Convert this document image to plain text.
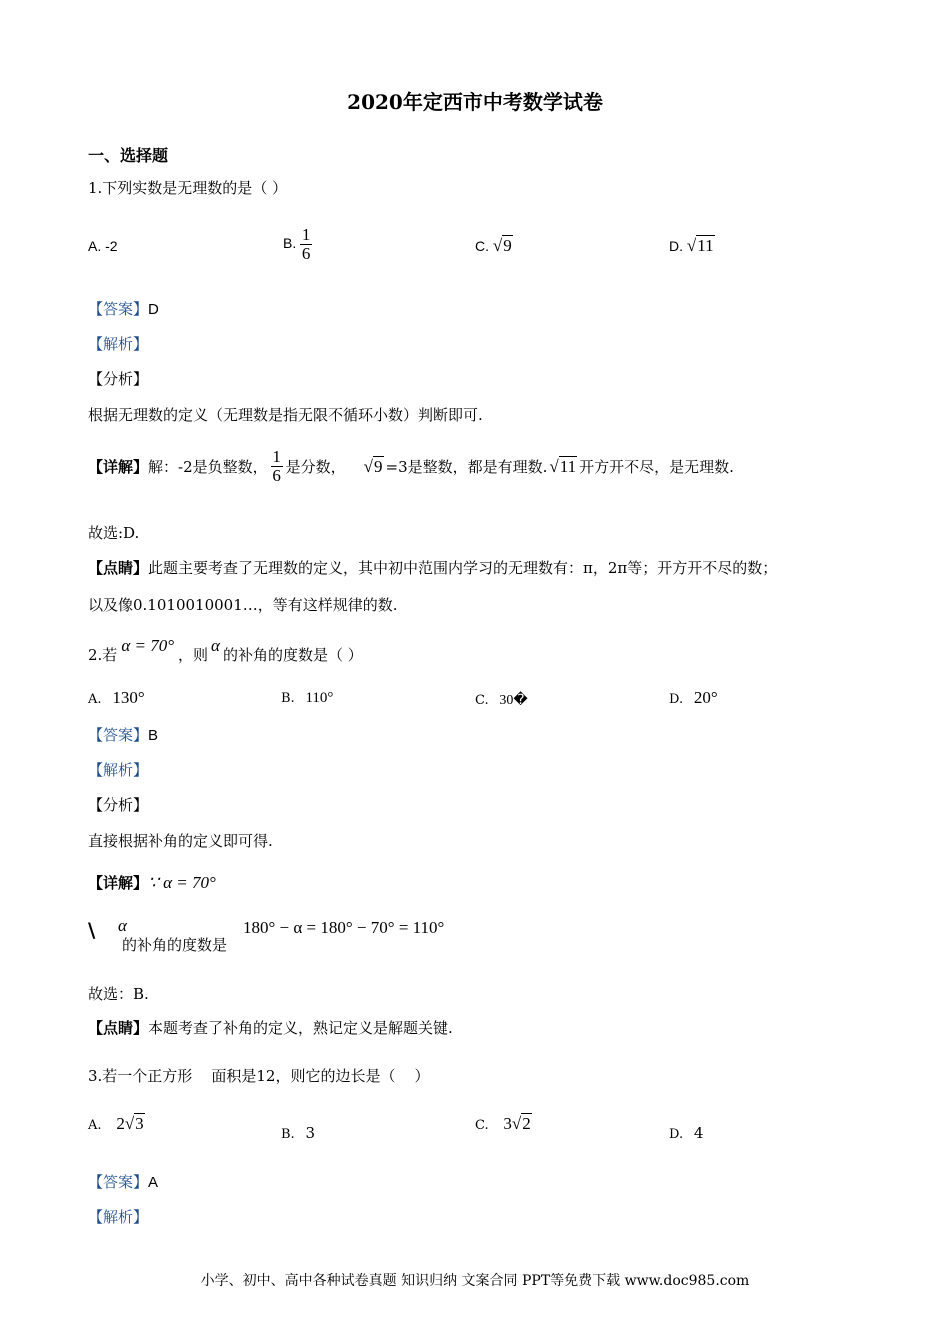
2020年定西市中考数学试卷
一、选择题
1.下列实数是无理数的是（ ）
A. -2	B. $\frac{1}{6}$	C. √9	D. √11
【答案】D
【解析】
【分析】
根据无理数的定义（无理数是指无限不循环小数）判断即可.
【详解】 解：-2是负整数， $\frac{1}{6}$ 是分数， √9 =3是整数，都是有理数. √11 开方开不尽，是无理数.
故选:D.
【点睛】此题主要考查了无理数的定义，其中初中范围内学习的无理数有：π，2π等；开方开不尽的数；
以及像0.1010010001…，等有这样规律的数.
2.若 α = 70° ，则 α 的补角的度数是（ ）
A. 130°	B. 110°	C. 30�	D. 20°
【答案】B
【解析】
【分析】
直接根据补角的定义即可得.
【详解】 ∵ α = 70°
\ α
的补角的度数是
180° − α = 180° − 70° = 110°
故选：B.
【点睛】本题考查了补角的定义，熟记定义是解题关键.
3.若一个正方形    面积是12，则它的边长是（    ）
A. 2√3
B. 3	C. 3√2
D. 4
【答案】A
【解析】
小学、初中、高中各种试卷真题 知识归纳 文案合同 PPT等免费下载 www.doc985.com
